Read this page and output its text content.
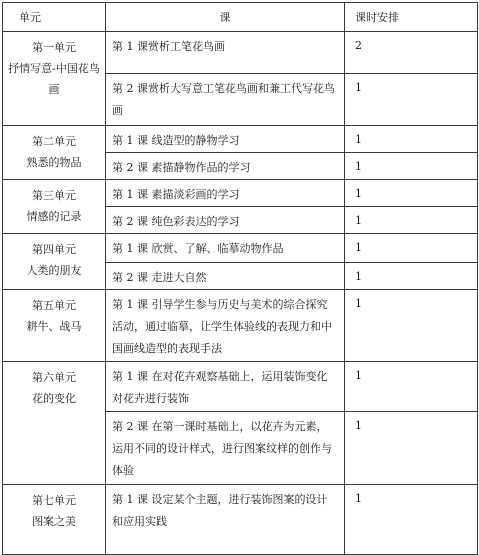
单元	课	课时安排

第一单元
抒情写意-中国花鸟画	第 1 课赏析工笔花鸟画	2
	第 2 课赏析大写意工笔花鸟画和兼工代写花鸟画	1

第二单元
熟悉的物品	第 1 课 线造型的静物学习	1
	第 2 课 素描静物作品的学习	1

第三单元
情感的记录	第 1 课 素描淡彩画的学习	1
	第 2 课 纯色彩表达的学习	1

第四单元
人类的朋友	第 1 课 欣赏、了解、临摹动物作品	1
	第 2 课 走进大自然	1

第五单元
耕牛、战马	第 1 课 引导学生参与历史与美术的综合探究活动，通过临摹，让学生体验线的表现力和中国画线造型的表现手法	1

第六单元
花的变化	第 1 课 在对花卉观察基础上，运用装饰变化对花卉进行装饰	1
	第 2 课 在第一课时基础上，以花卉为元素，运用不同的设计样式，进行图案纹样的创作与体验	1

第七单元
图案之美	第 1 课 设定某个主题，进行装饰图案的设计和应用实践	1
